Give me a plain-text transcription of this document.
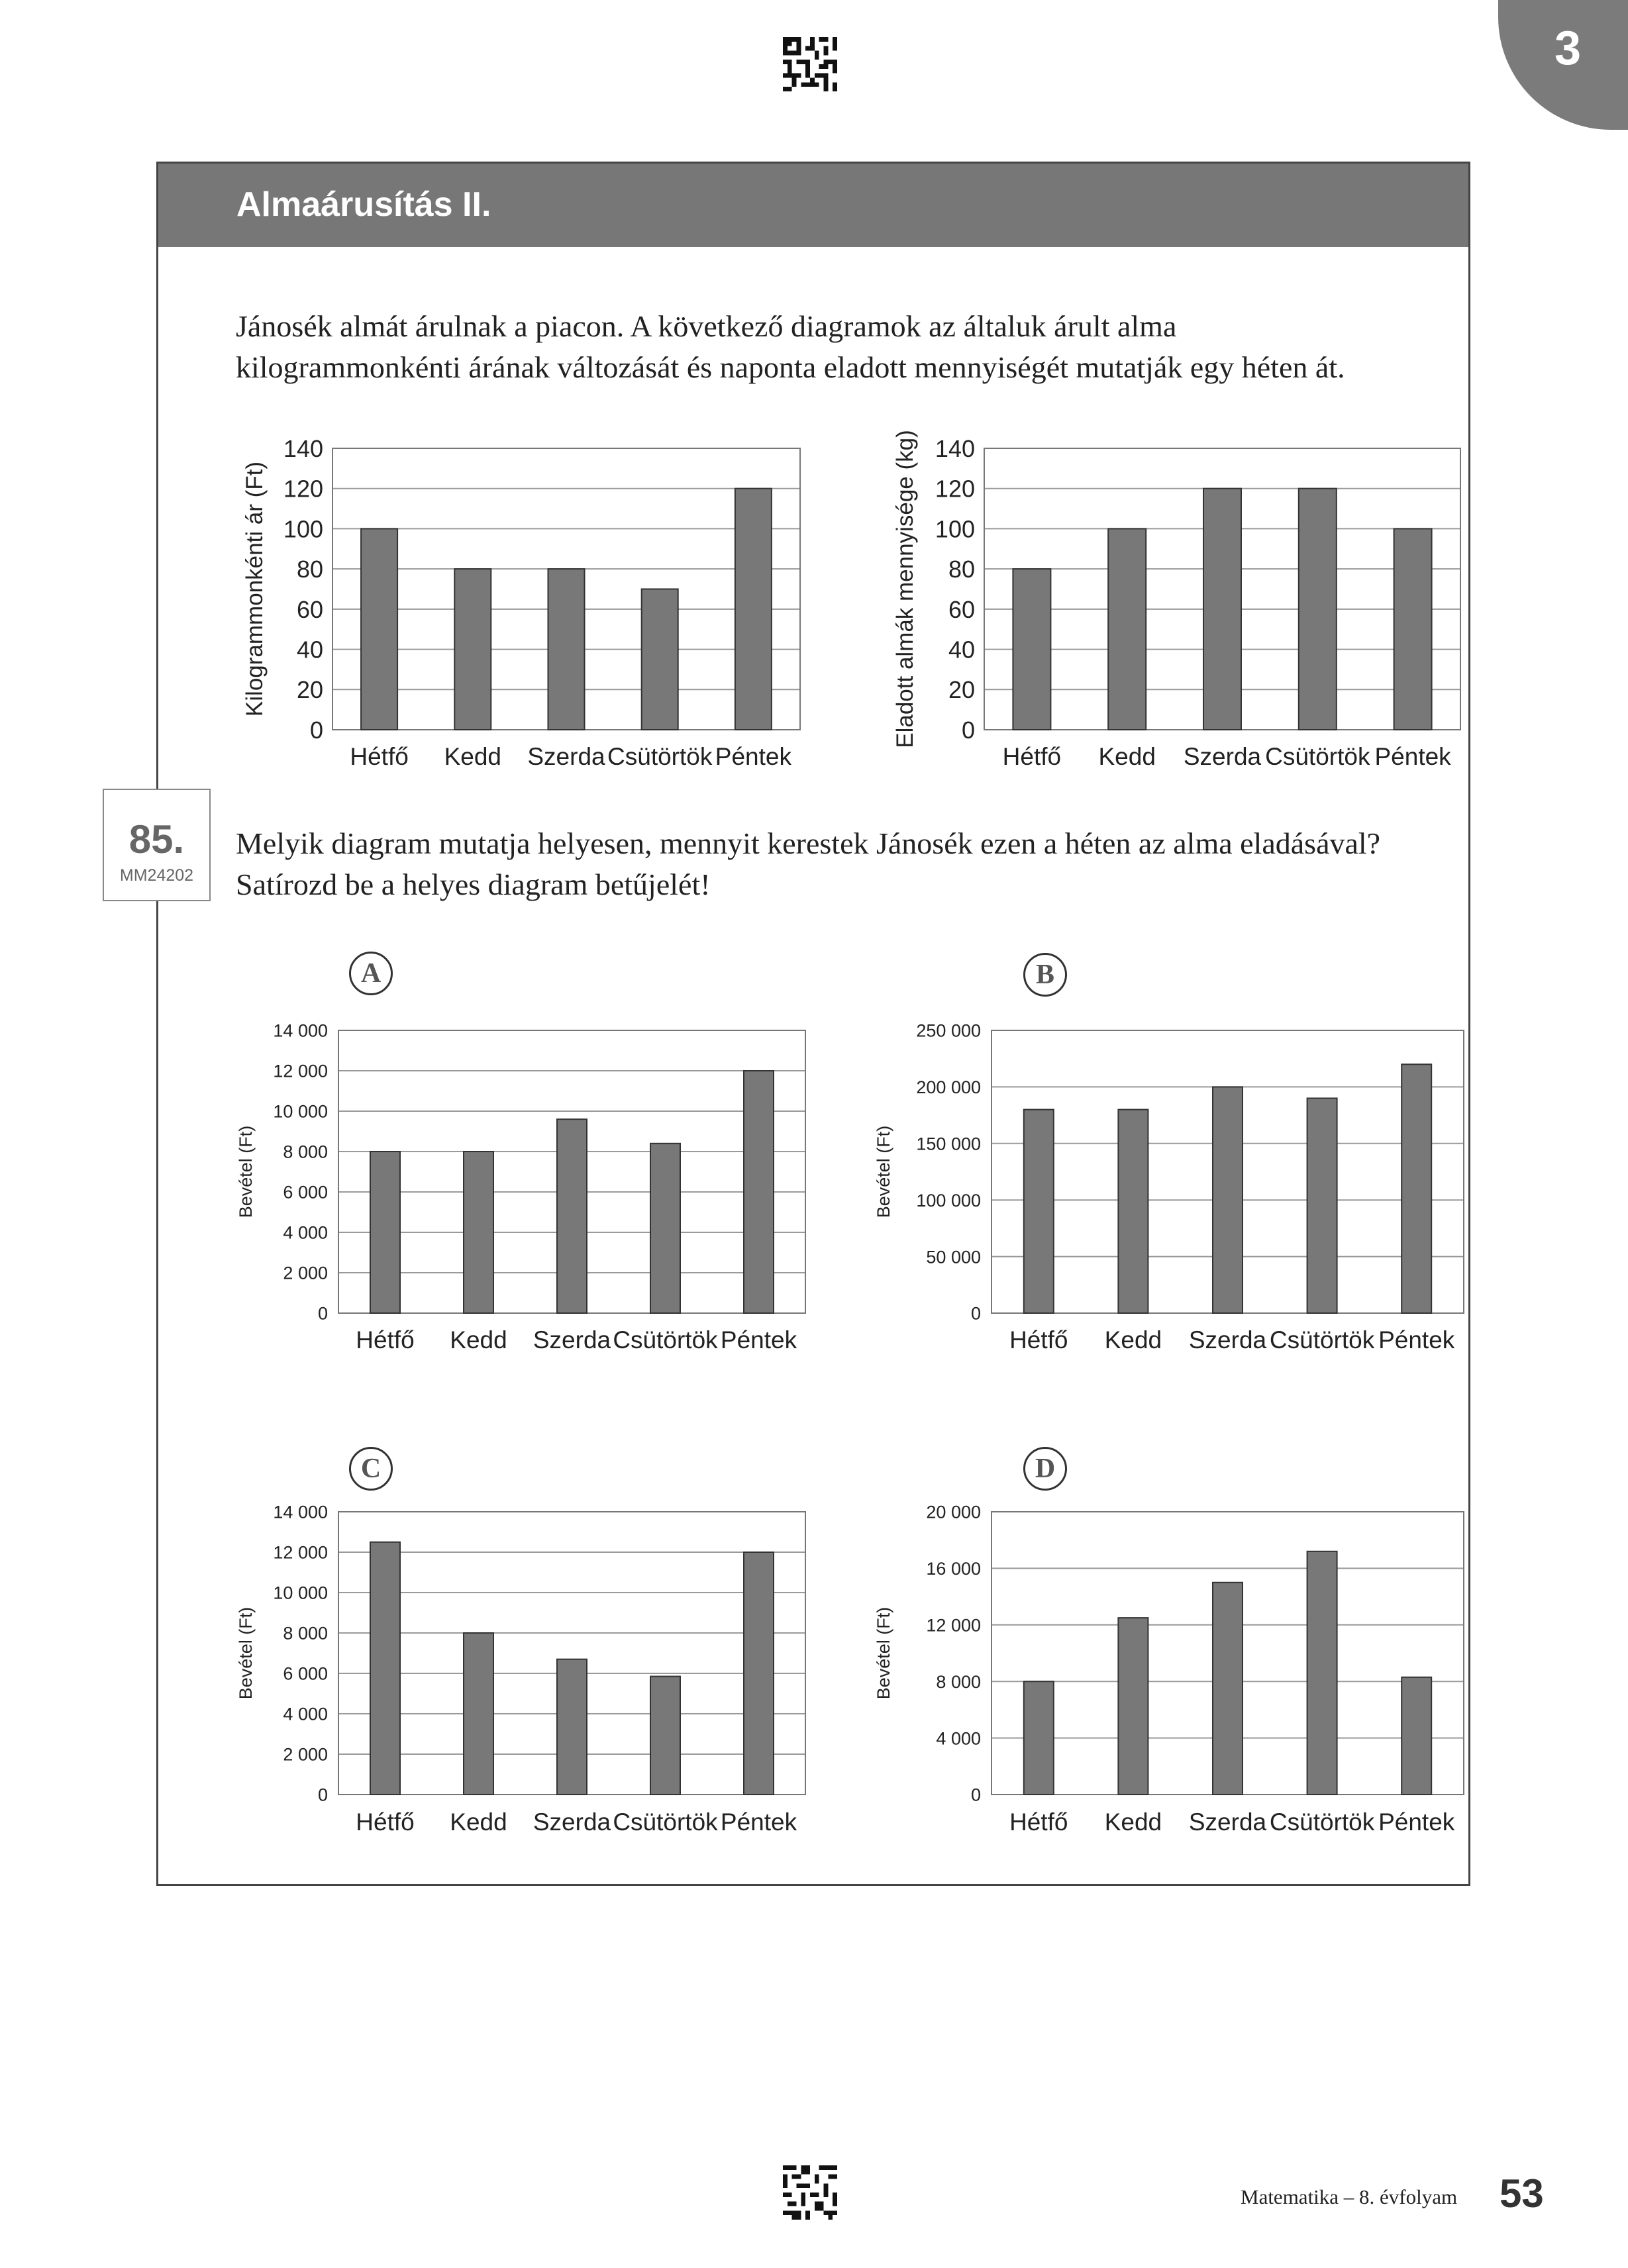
3
Almaárusítás II.
Jánosék almát árulnak a piacon. A következő diagramok az általuk árult alma
kilogrammonkénti árának változását és naponta eladott mennyiségét mutatják egy héten át.
85.
MM24202
Melyik diagram mutatja helyesen, mennyit kerestek Jánosék ezen a héten az alma eladásával?
Satírozd be a helyes diagram betűjelét!
A	B
C	D
0
20
40
60
80
100
120
140
Hétfő Kedd Szerda Csütörtök Péntek
Kilogrammonkénti ár (Ft)
0
20
40
60
80
100
120
140
Hétfő Kedd Szerda Csütörtök Péntek
Eladott almák mennyisége (kg)
0
2 000
4 000
6 000
8 000
10 000
12 000
14 000
Hétfő Kedd Szerda Csütörtök Péntek
Bevétel (Ft)
0
50 000
100 000
150 000
200 000
250 000
Hétfő Kedd Szerda Csütörtök Péntek
Bevétel (Ft)
0
2 000
4 000
6 000
8 000
10 000
12 000
14 000
Hétfő Kedd Szerda Csütörtök Péntek
Bevétel (Ft)
0
4 000
8 000
12 000
16 000
20 000
Hétfő Kedd Szerda Csütörtök Péntek
Bevétel (Ft)
Matematika – 8. évfolyam 53
